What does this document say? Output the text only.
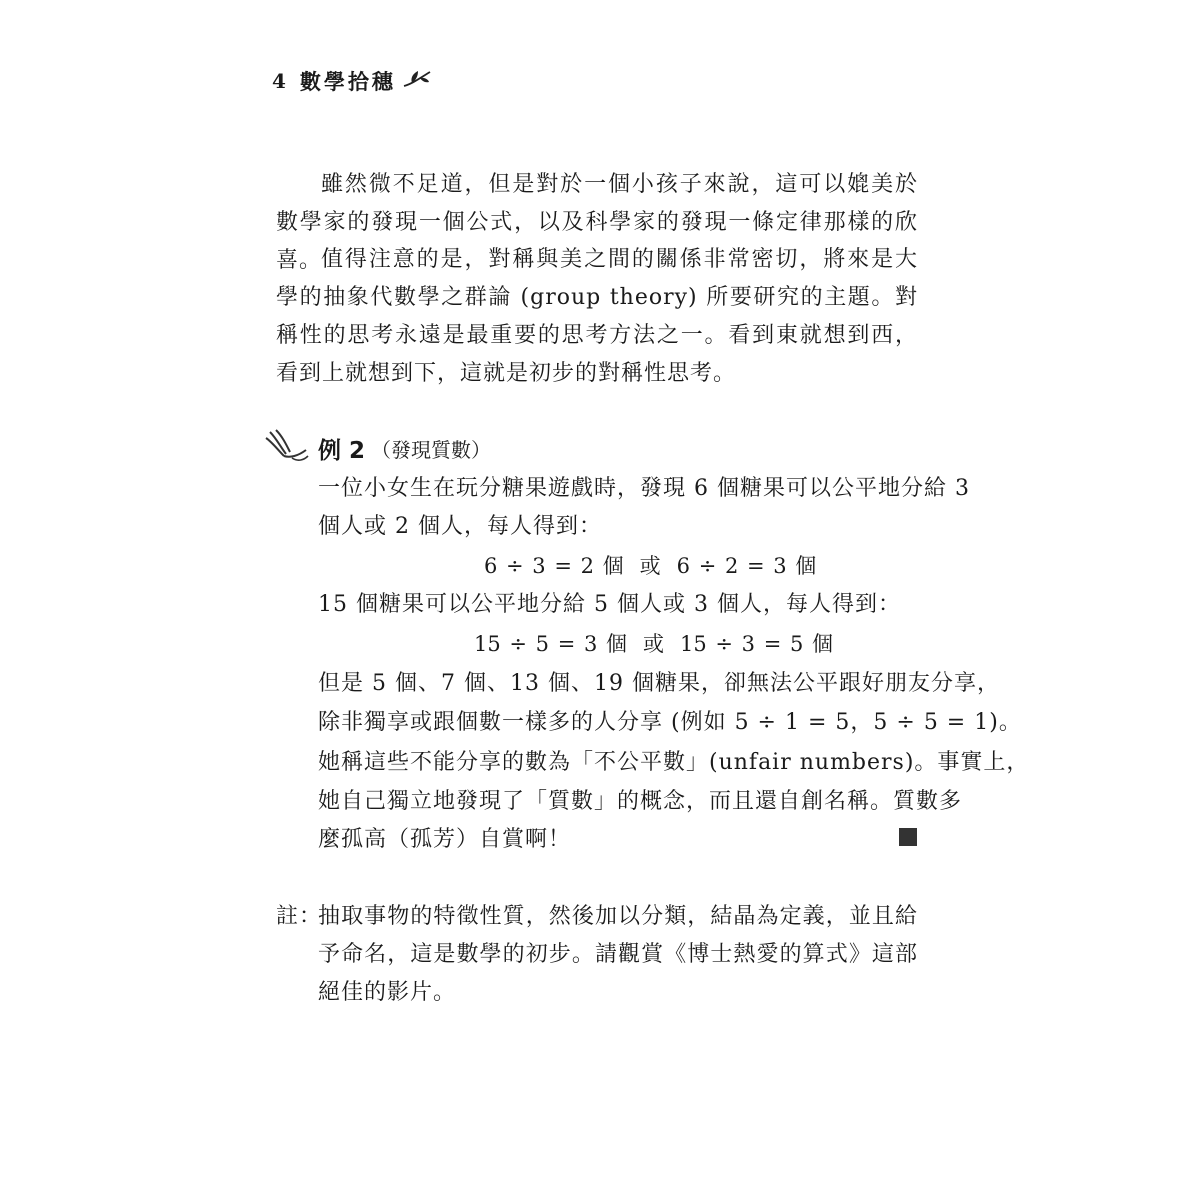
4 數學拾穗

雖然微不足道，但是對於一個小孩子來說，這可以媲美於數學家的發現一個公式，以及科學家的發現一條定律那樣的欣喜。

值得注意的是，對稱與美之間的關係非常密切，將來是大學的抽象代數學之群論 (group theory) 所要研究的主題。對稱性的思考永遠是最重要的思考方法之一。看到東就想到西，看到上就想到下，這就是初步的對稱性思考。

例 2 （發現質數）
一位小女生在玩分糖果遊戲時，發現 6 個糖果可以公平地分給 3
個人或 2 個人，每人得到：
6 ÷ 3 = 2 個 或 6 ÷ 2 = 3 個
15 個糖果可以公平地分給 5 個人或 3 個人，每人得到：
15 ÷ 5 = 3 個 或 15 ÷ 3 = 5 個
但是 5 個、7 個、13 個、19 個糖果，卻無法公平跟好朋友分享，
除非獨享或跟個數一樣多的人分享 (例如 5 ÷ 1 = 5，5 ÷ 5 = 1)。
她稱這些不能分享的數為「不公平數」(unfair numbers)。事實上，
她自己獨立地發現了「質數」的概念，而且還自創名稱。質數多
麼孤高（孤芳）自賞啊！
註：
抽取事物的特徵性質，然後加以分類，結晶為定義，並且給予命名，這是數學的初步。請觀賞《博士熱愛的算式》這部絕佳的影片。
